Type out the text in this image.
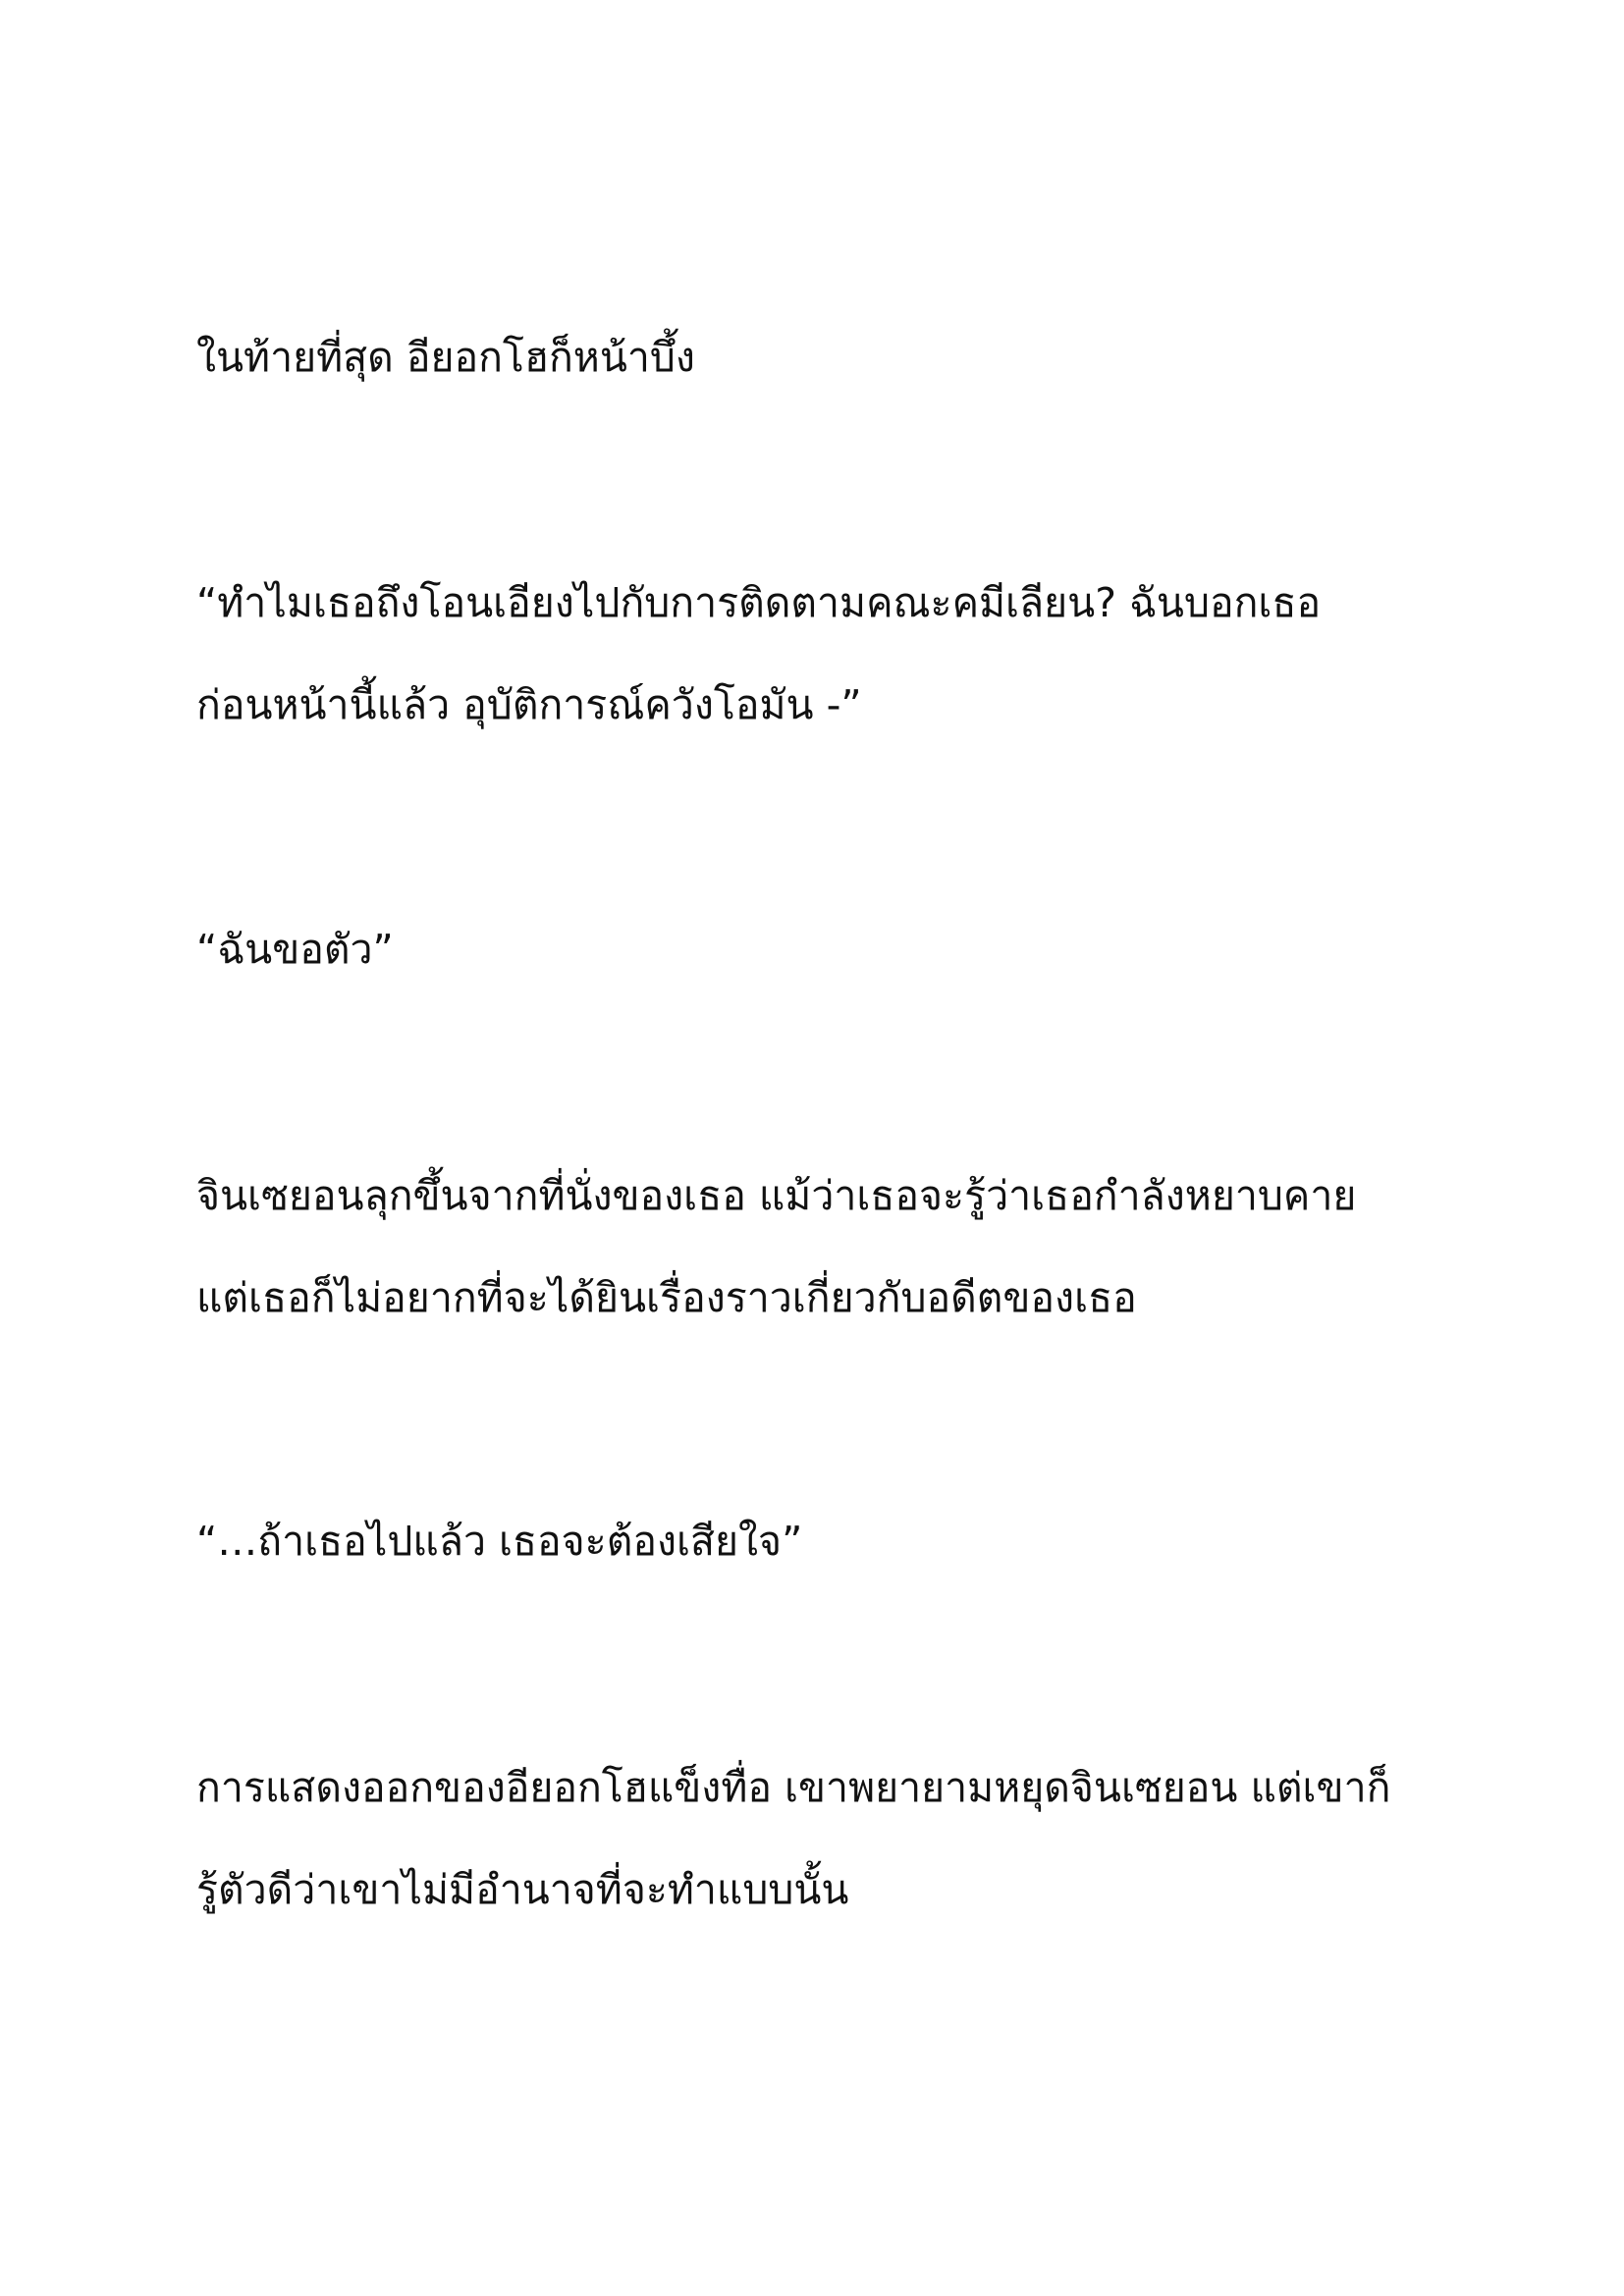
ในท้ายที่สุด อียอกโฮก็หน้าบึ้ง
“ทำไมเธอถึงโอนเอียงไปกับการติดตามคณะคมีเลียน? ฉันบอกเธอ
ก่อนหน้านี้แล้ว อุบัติการณ์ควังโอมัน -”
“ฉันขอตัว”
จินเซยอนลุกขึ้นจากที่นั่งของเธอ แม้ว่าเธอจะรู้ว่าเธอกำลังหยาบคาย
แต่เธอก็ไม่อยากที่จะได้ยินเรื่องราวเกี่ยวกับอดีตของเธอ
“…ถ้าเธอไปแล้ว เธอจะต้องเสียใจ”
การแสดงออกของอียอกโฮแข็งทื่อ เขาพยายามหยุดจินเซยอน แต่เขาก็
รู้ตัวดีว่าเขาไม่มีอำนาจที่จะทำแบบนั้น
